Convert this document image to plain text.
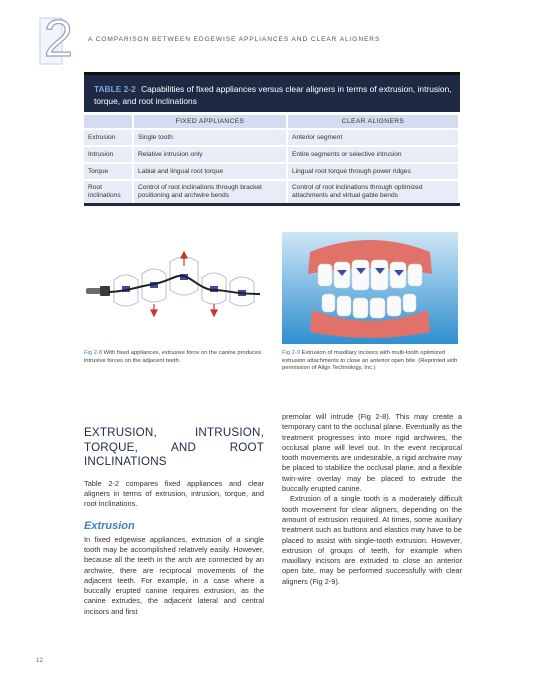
2 A COMPARISON BETWEEN EDGEWISE APPLIANCES AND CLEAR ALIGNERS
TABLE 2-2 Capabilities of fixed appliances versus clear aligners in terms of extrusion, intrusion, torque, and root inclinations
	FIXED APPLIANCES	CLEAR ALIGNERS
Extrusion	Single tooth	Anterior segment
Intrusion	Relative intrusion only	Entire segments or selective intrusion
Torque	Labial and lingual root torque	Lingual root torque through power ridges
Root inclinations	Control of root inclinations through bracket positioning and archwire bends	Control of root inclinations through optimized attachments and virtual gable bends
Fig 2-8 With fixed appliances, extrusive force on the canine produces intrusive forces on the adjacent teeth.
Fig 2-9 Extrusion of maxillary incisors with multi-tooth optimized extrusion attachments to close an anterior open bite. (Reprinted with permission of Align Technology, Inc.)
EXTRUSION, INTRUSION, TORQUE, AND ROOT INCLINATIONS

Table 2-2 compares fixed appliances and clear aligners in terms of extrusion, intrusion, torque, and root inclinations.

Extrusion

In fixed edgewise appliances, extrusion of a single tooth may be accomplished relatively easily. However, because all the teeth in the arch are connected by an archwire, there are reciprocal movements of the adjacent teeth. For example, in a case where a buccally erupted canine requires extrusion, as the canine extrudes, the adjacent lateral and central incisors and first

premolar will intrude (Fig 2-8). This may create a temporary cant to the occlusal plane. Eventually as the treatment progresses into more rigid archwires, the occlusal plane will level out. In the event reciprocal tooth movements are undesirable, a rigid archwire may be placed to stabilize the occlusal plane, and a flexible twin-wire overlay may be placed to extrude the buccally erupted canine.

Extrusion of a single tooth is a moderately difficult tooth movement for clear aligners, depending on the amount of extrusion required. At times, some auxiliary treatment such as buttons and elastics may have to be placed to assist with single-tooth extrusion. However, extrusion of groups of teeth, for example when maxillary incisors are extruded to close an anterior open bite, may be performed successfully with clear aligners (Fig 2-9).

12
